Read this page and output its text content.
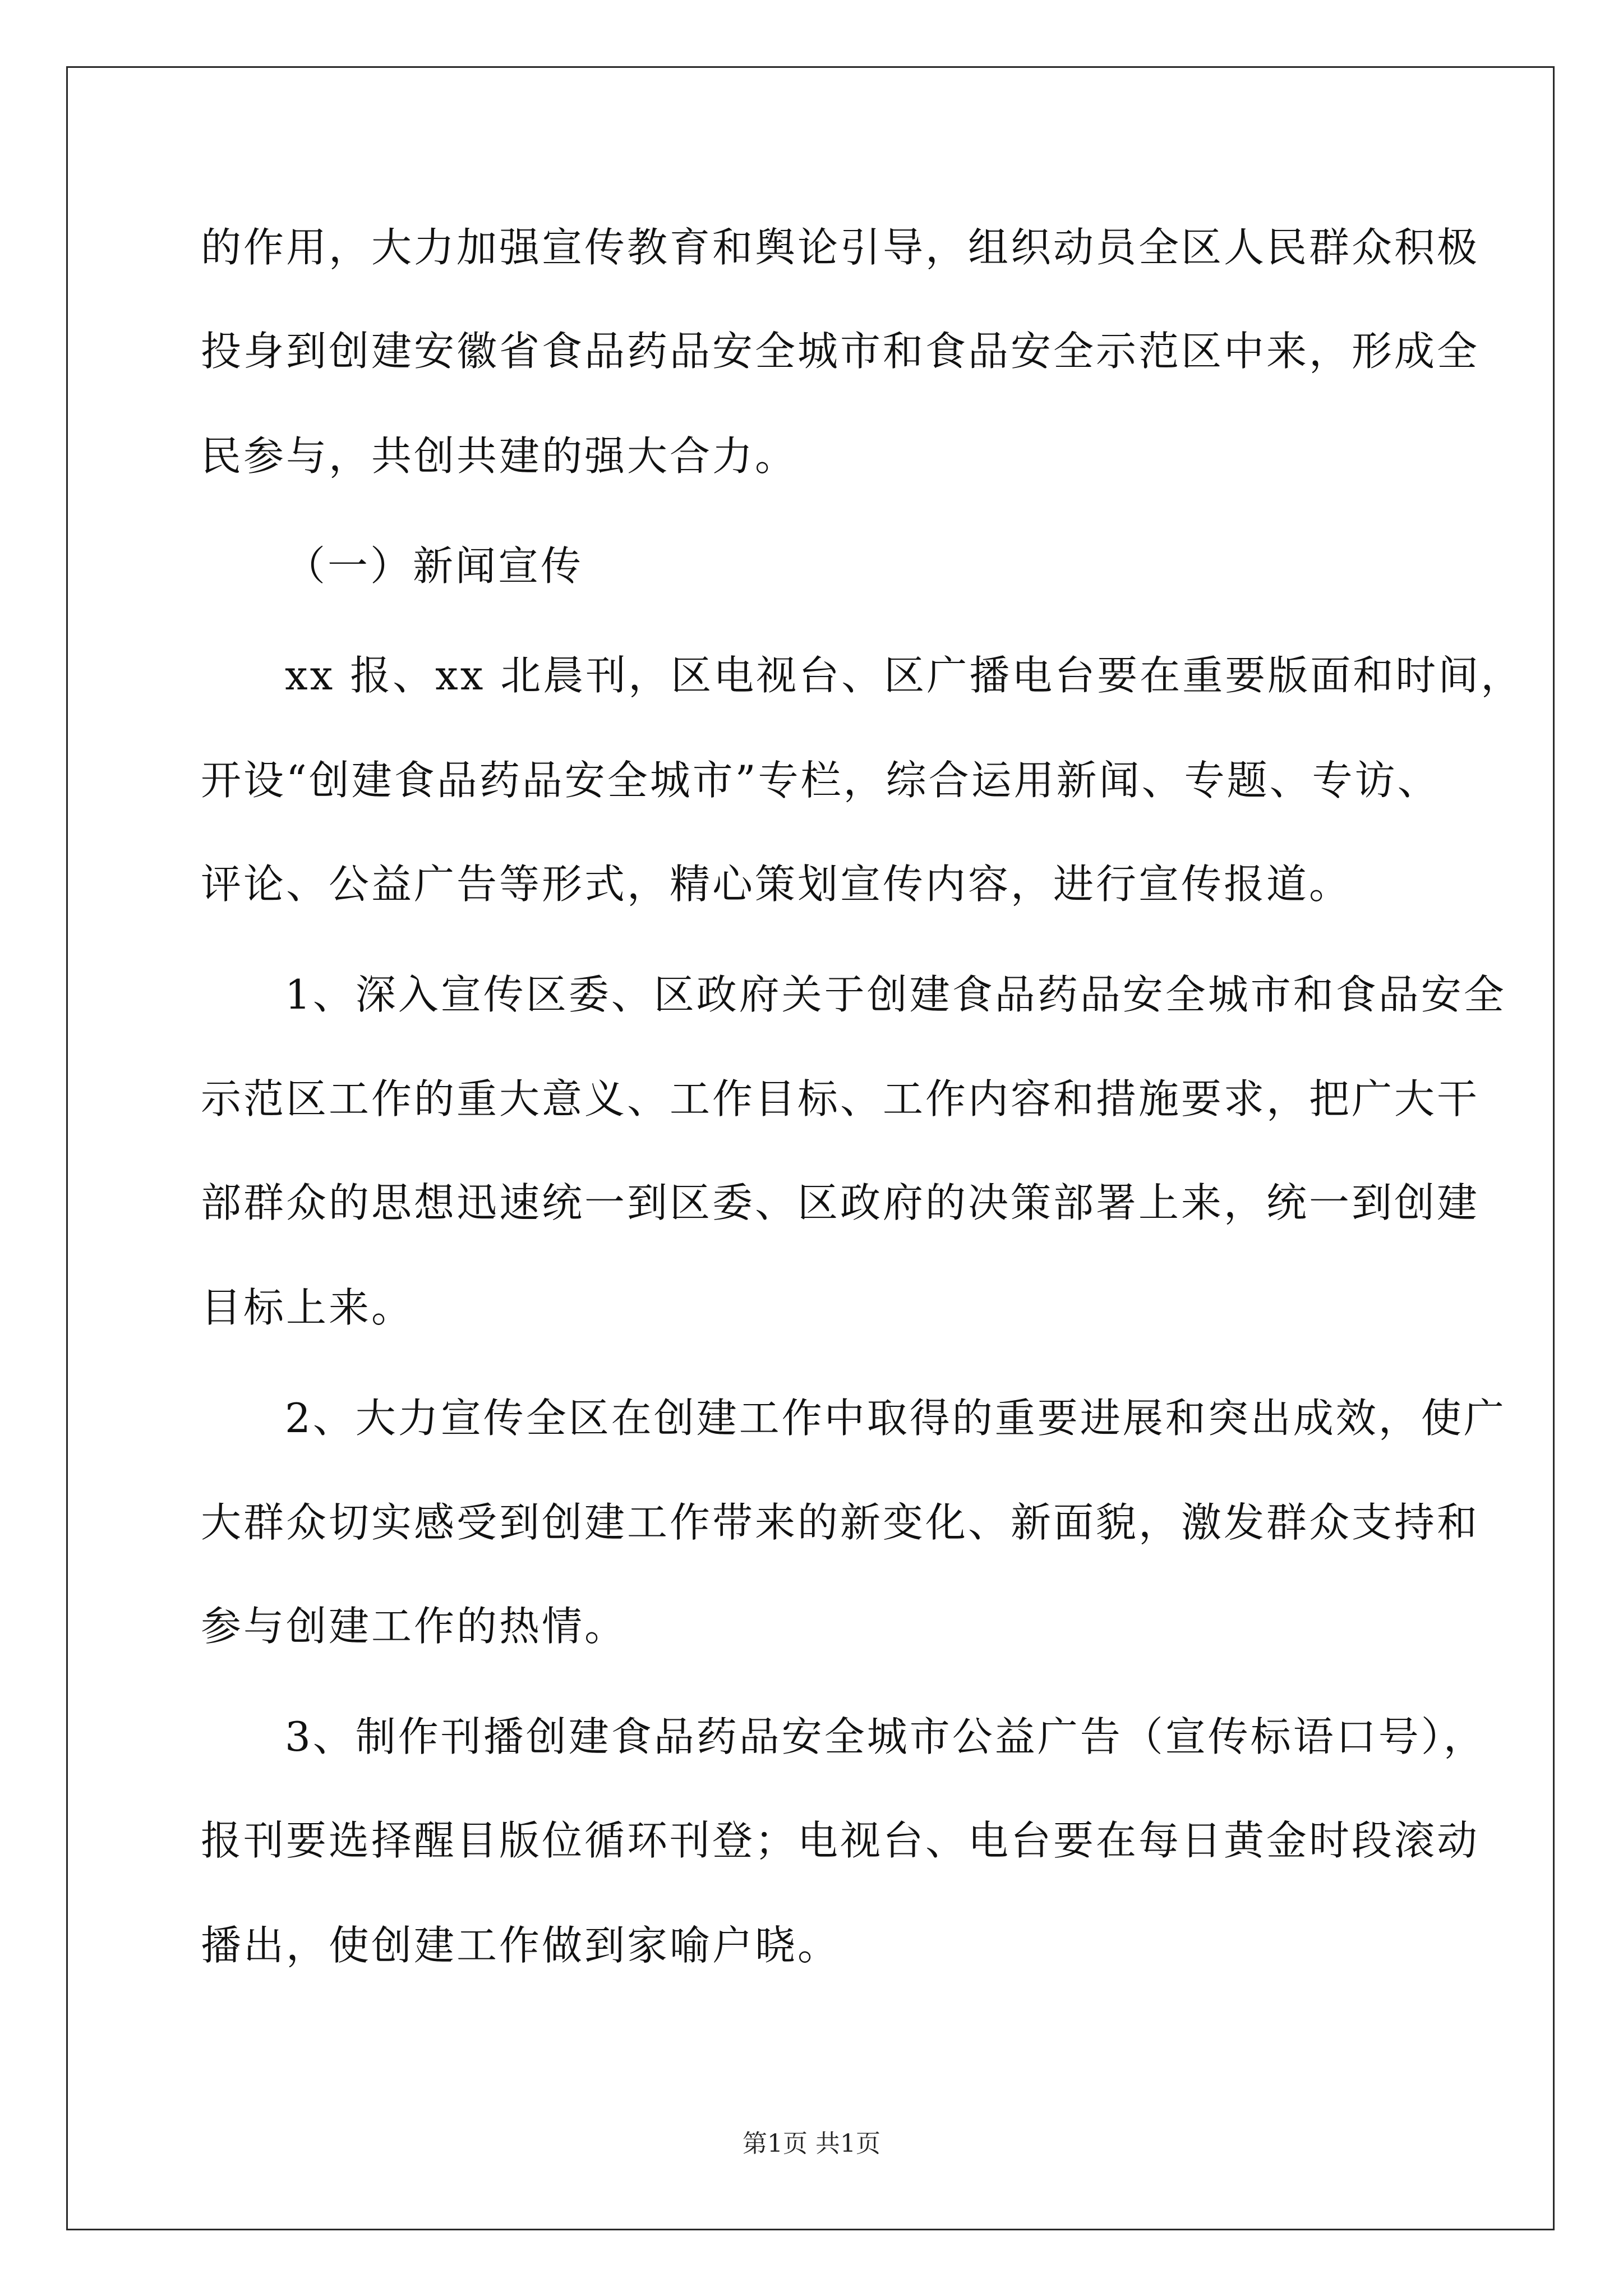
的作用，大力加强宣传教育和舆论引导，组织动员全区人民群众积极
投身到创建安徽省食品药品安全城市和食品安全示范区中来，形成全
民参与，共创共建的强大合力。
（一）新闻宣传
xx 报、xx 北晨刊，区电视台、区广播电台要在重要版面和时间，
开设“创建食品药品安全城市”专栏，综合运用新闻、专题、专访、
评论、公益广告等形式，精心策划宣传内容，进行宣传报道。
1、深入宣传区委、区政府关于创建食品药品安全城市和食品安全
示范区工作的重大意义、工作目标、工作内容和措施要求，把广大干
部群众的思想迅速统一到区委、区政府的决策部署上来，统一到创建
目标上来。
2、大力宣传全区在创建工作中取得的重要进展和突出成效，使广
大群众切实感受到创建工作带来的新变化、新面貌，激发群众支持和
参与创建工作的热情。
3、制作刊播创建食品药品安全城市公益广告（宣传标语口号），
报刊要选择醒目版位循环刊登；电视台、电台要在每日黄金时段滚动
播出，使创建工作做到家喻户晓。
第1页 共1页
